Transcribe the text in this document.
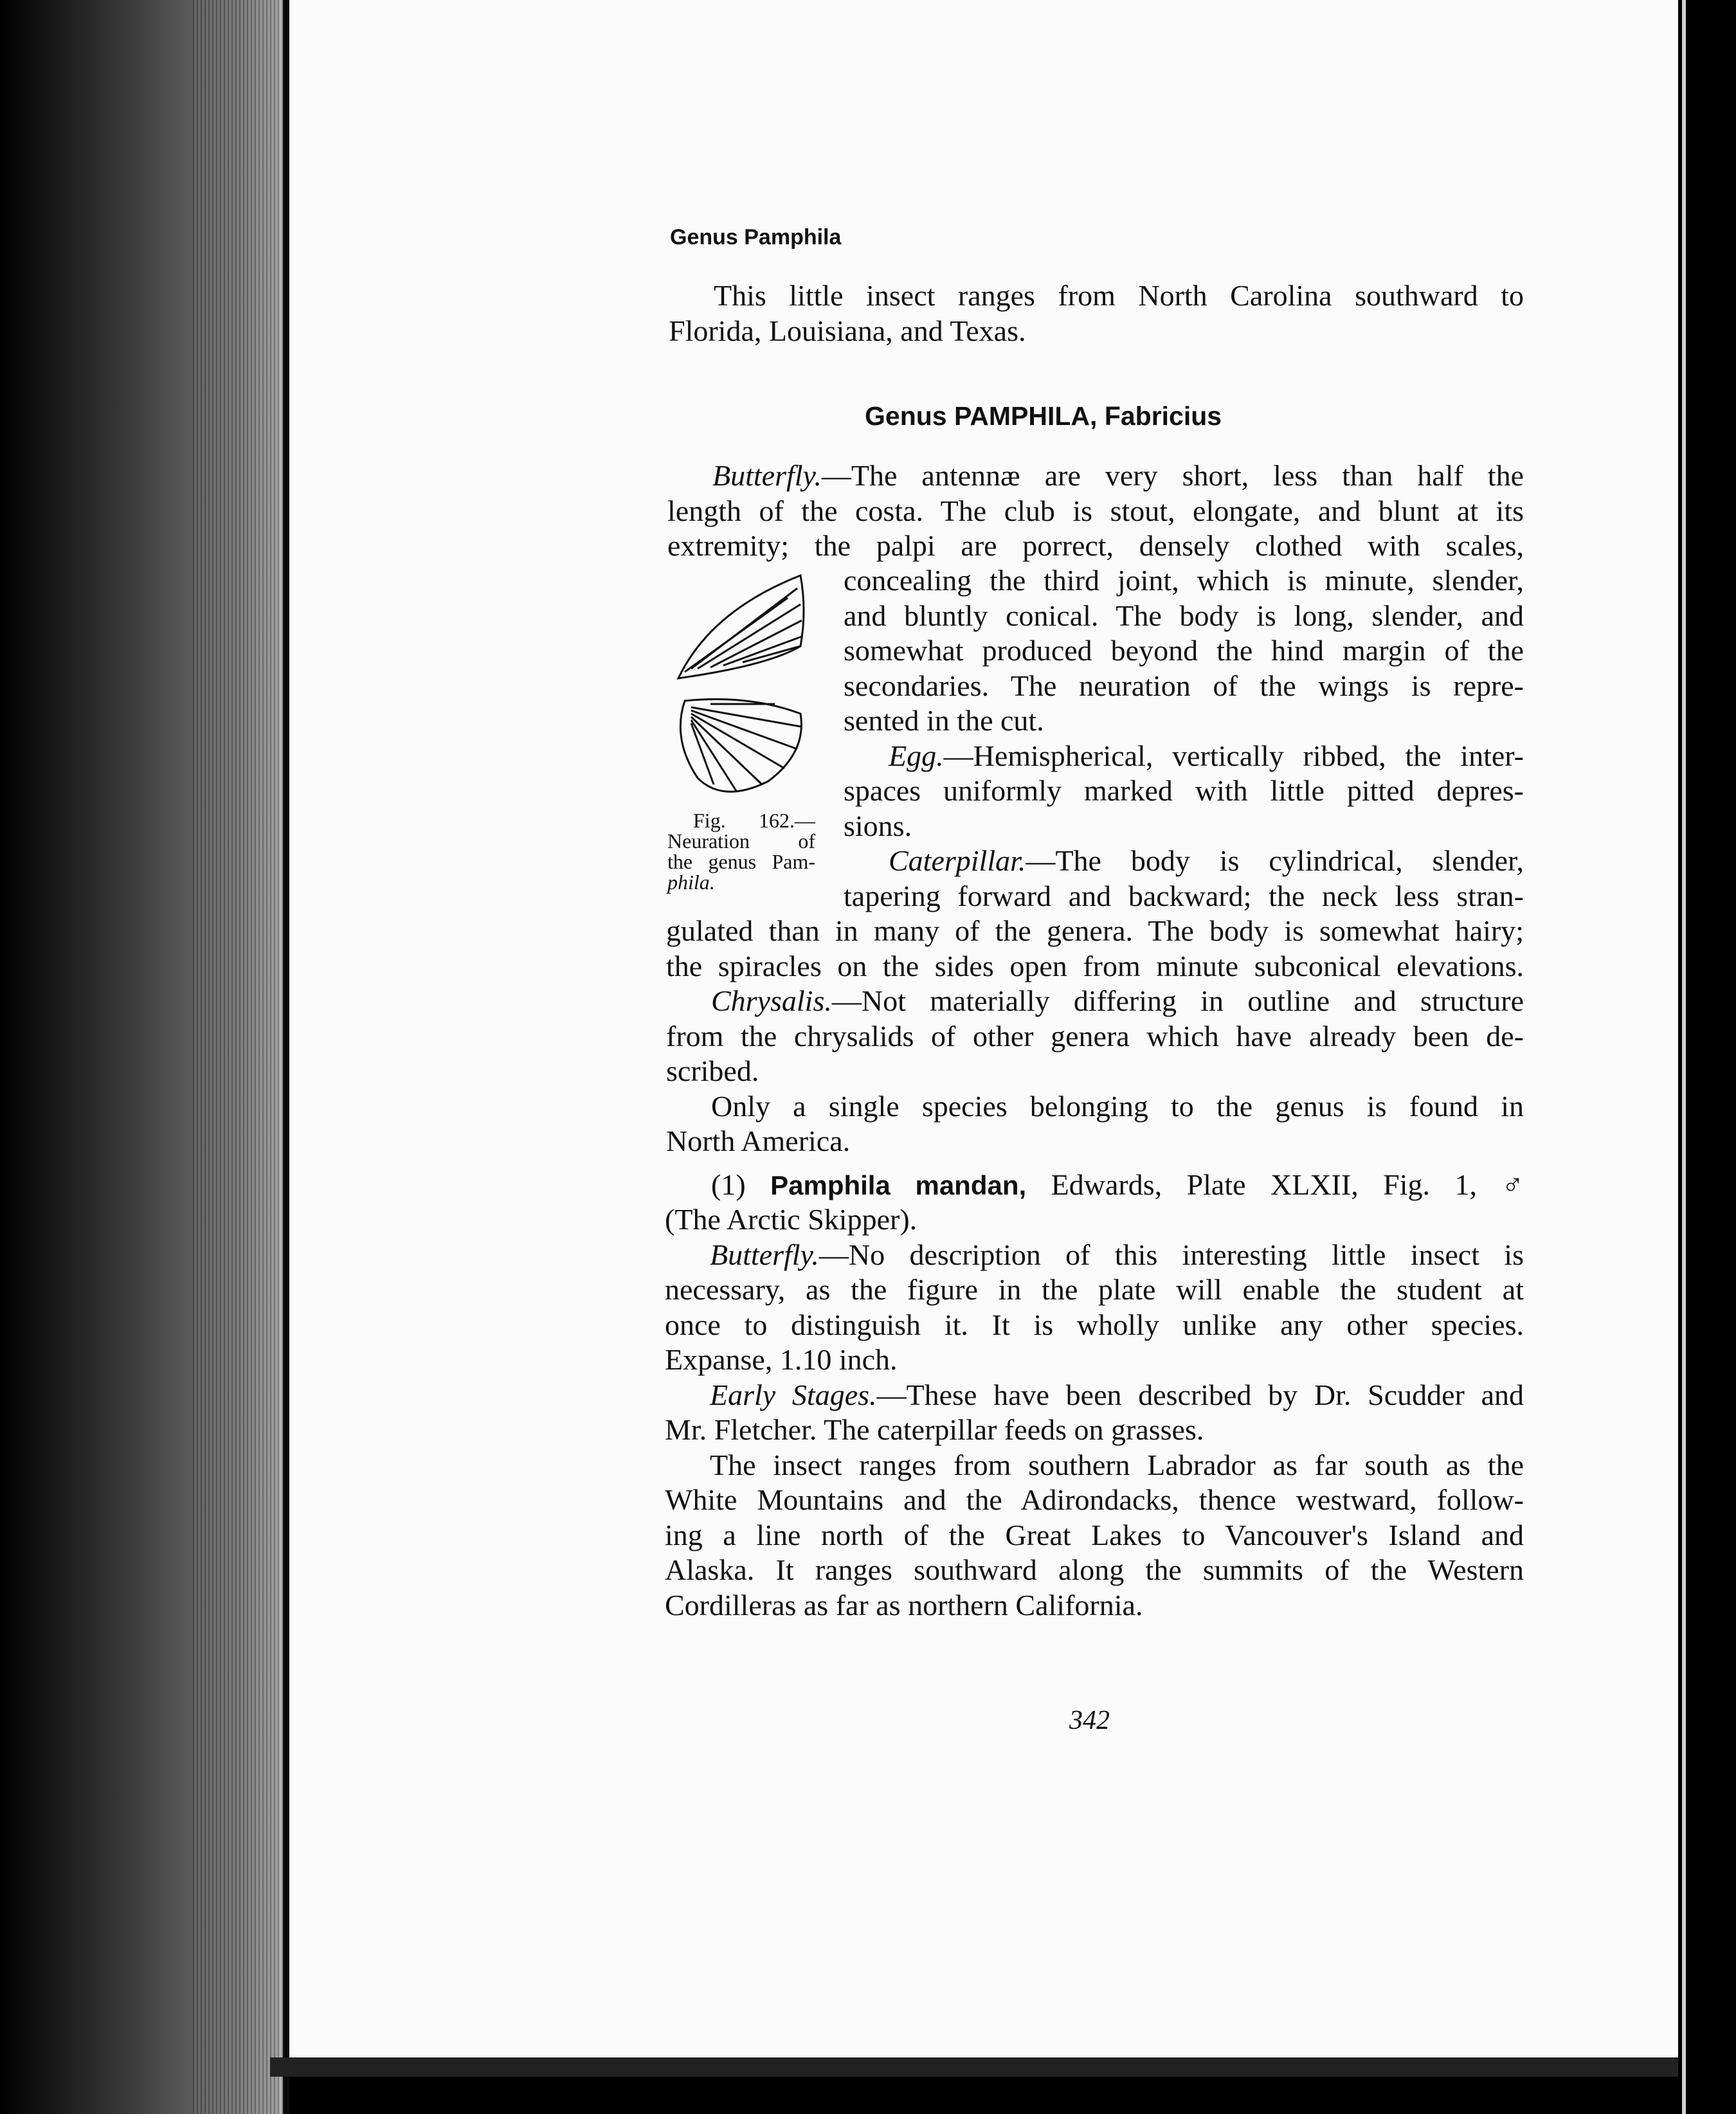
Genus Pamphila
This little insect ranges from North Carolina southward to
Florida, Louisiana, and Texas.
Genus PAMPHILA, Fabricius
Butterfly.—The antennæ are very short, less than half the
length of the costa. The club is stout, elongate, and blunt at its
extremity; the palpi are porrect, densely clothed with scales,
Fig. 162.—
Neuration of
the genus Pam-
phila.
concealing the third joint, which is minute, slender,
and bluntly conical. The body is long, slender, and
somewhat produced beyond the hind margin of the
secondaries. The neuration of the wings is repre-
sented in the cut.
Egg.—Hemispherical, vertically ribbed, the inter-
spaces uniformly marked with little pitted depres-
sions.
Caterpillar.—The body is cylindrical, slender,
tapering forward and backward; the neck less stran-
gulated than in many of the genera. The body is somewhat hairy;
the spiracles on the sides open from minute subconical elevations.
Chrysalis.—Not materially differing in outline and structure
from the chrysalids of other genera which have already been de-
scribed.
Only a single species belonging to the genus is found in
North America.
(1) Pamphila mandan, Edwards, Plate XLXII, Fig. 1, ♂
(The Arctic Skipper).
Butterfly.—No description of this interesting little insect is
necessary, as the figure in the plate will enable the student at
once to distinguish it. It is wholly unlike any other species.
Expanse, 1.10 inch.
Early Stages.—These have been described by Dr. Scudder and
Mr. Fletcher. The caterpillar feeds on grasses.
The insect ranges from southern Labrador as far south as the
White Mountains and the Adirondacks, thence westward, follow-
ing a line north of the Great Lakes to Vancouver's Island and
Alaska. It ranges southward along the summits of the Western
Cordilleras as far as northern California.
342
